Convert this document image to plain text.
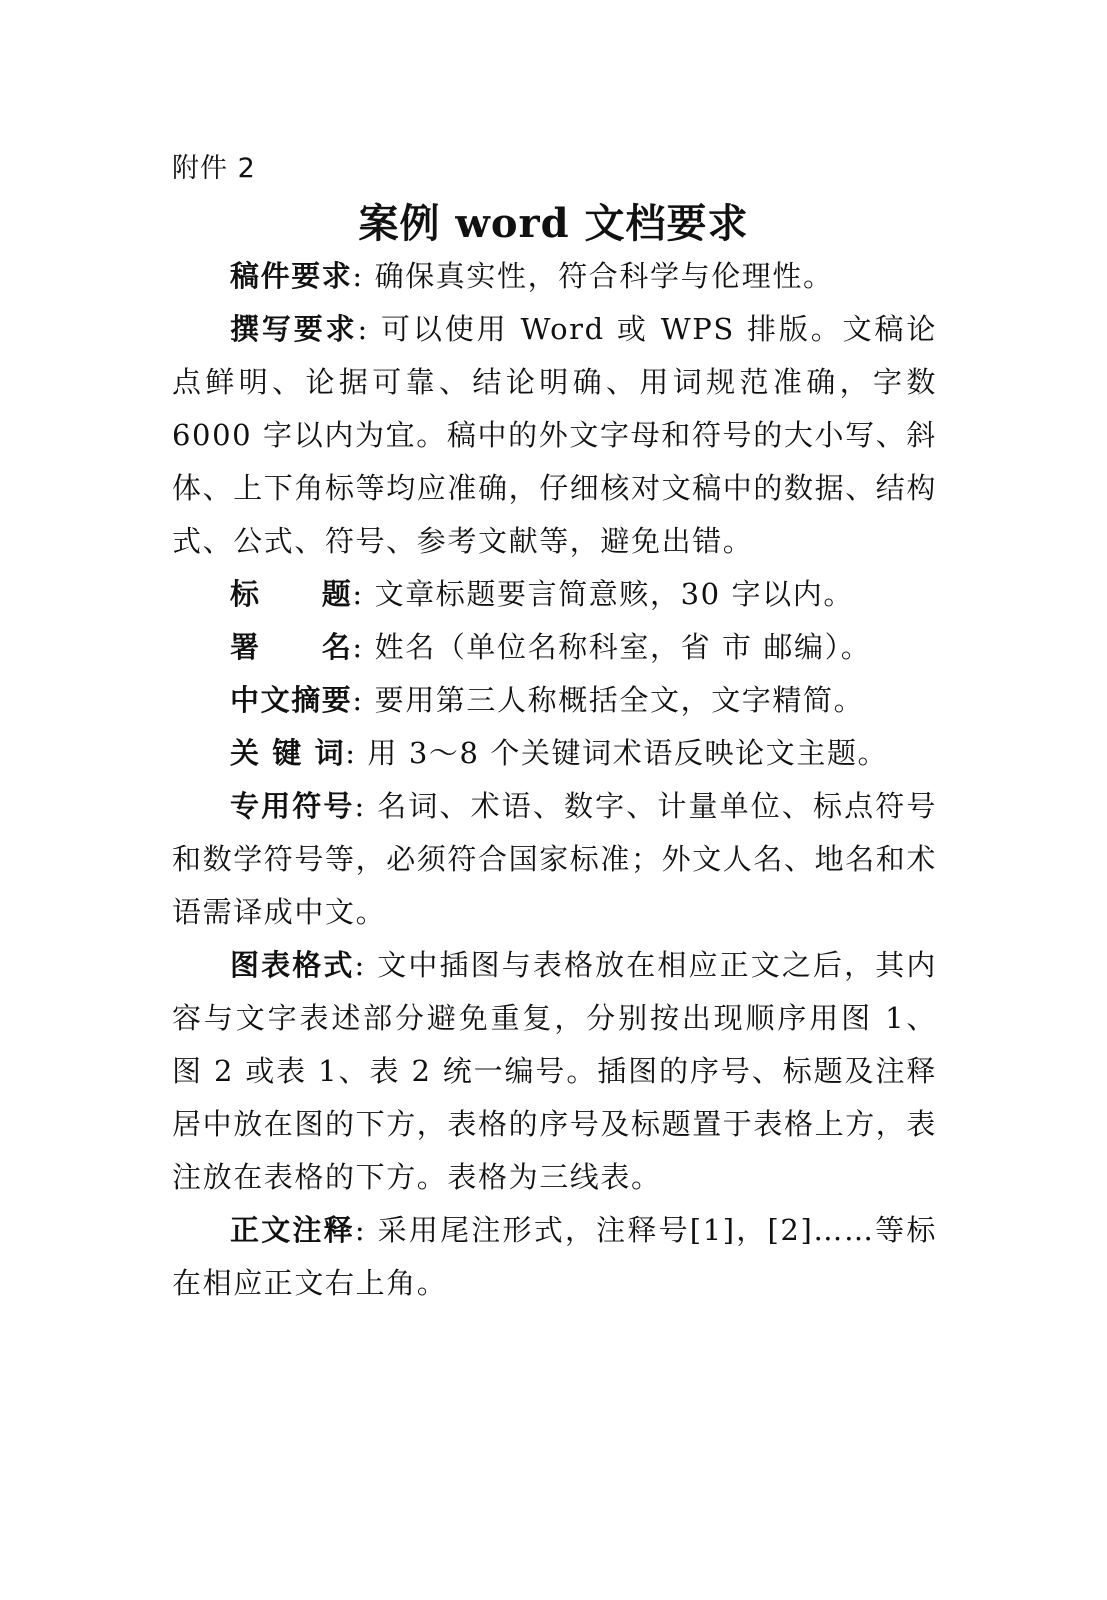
附件 2
案例 word 文档要求

稿件要求: 确保真实性，符合科学与伦理性。

撰写要求: 可以使用 Word 或 WPS 排版。文稿论点鲜明、论据可靠、结论明确、用词规范准确，字数 6000 字以内为宜。稿中的外文字母和符号的大小写、斜体、上下角标等均应准确，仔细核对文稿中的数据、结构式、公式、符号、参考文献等，避免出错。

标　　题: 文章标题要言简意赅，30 字以内。

署　　名: 姓名（单位名称科室，省 市 邮编）。

中文摘要: 要用第三人称概括全文，文字精简。

关 键 词: 用 3～8 个关键词术语反映论文主题。

专用符号: 名词、术语、数字、计量单位、标点符号和数学符号等，必须符合国家标准；外文人名、地名和术语需译成中文。

图表格式: 文中插图与表格放在相应正文之后，其内容与文字表述部分避免重复，分别按出现顺序用图 1、图 2 或表 1、表 2 统一编号。插图的序号、标题及注释居中放在图的下方，表格的序号及标题置于表格上方，表注放在表格的下方。表格为三线表。

正文注释: 采用尾注形式，注释号[1]，[2]……等标在相应正文右上角。
